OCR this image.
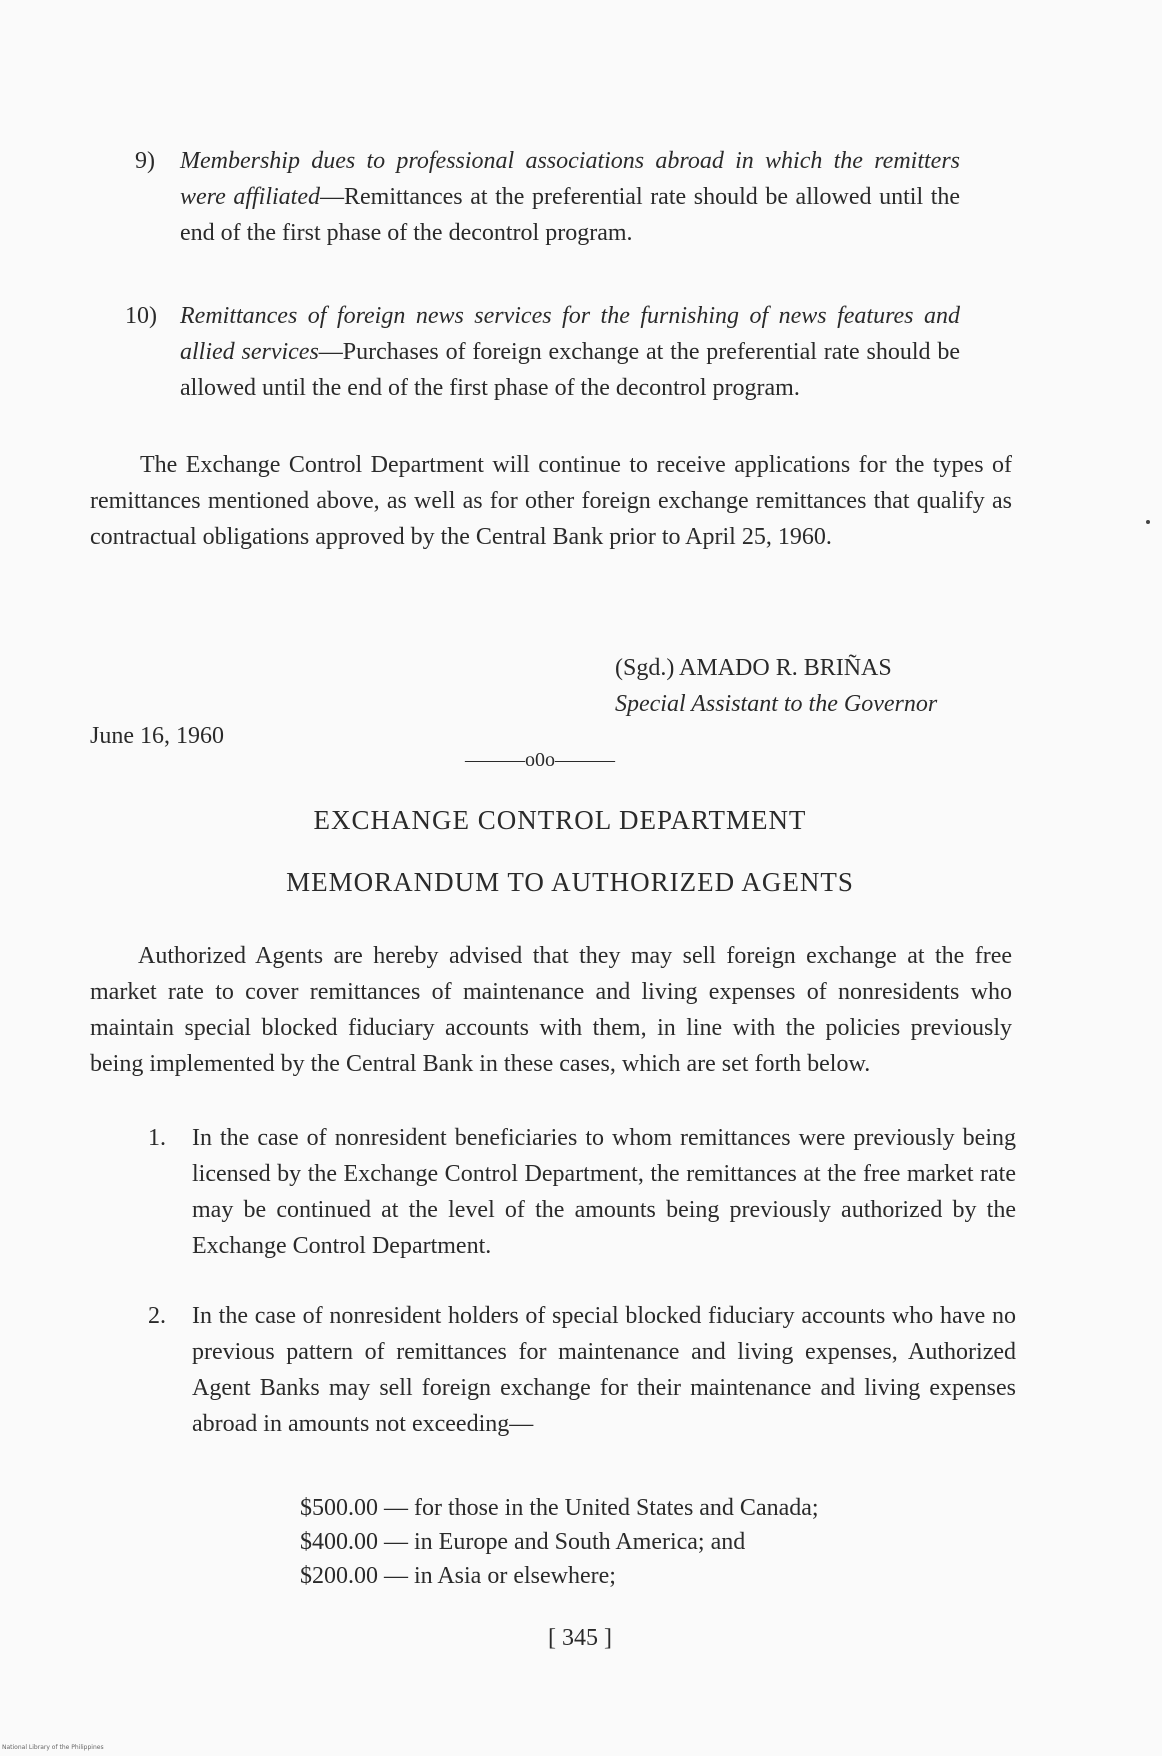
9) Membership dues to professional associations abroad in which the remitters were affiliated—Remittances at the preferential rate should be allowed until the end of the first phase of the decontrol program.
10) Remittances of foreign news services for the furnishing of news features and allied services—Purchases of foreign exchange at the preferential rate should be allowed until the end of the first phase of the decontrol program.
The Exchange Control Department will continue to receive applications for the types of remittances mentioned above, as well as for other foreign exchange remittances that qualify as contractual obligations approved by the Central Bank prior to April 25, 1960.
(Sgd.) AMADO R. BRIÑAS
Special Assistant to the Governor
June 16, 1960
———o0o———
EXCHANGE CONTROL DEPARTMENT
MEMORANDUM TO AUTHORIZED AGENTS
Authorized Agents are hereby advised that they may sell foreign exchange at the free market rate to cover remittances of maintenance and living expenses of nonresidents who maintain special blocked fiduciary accounts with them, in line with the policies previously being implemented by the Central Bank in these cases, which are set forth below.
1. In the case of nonresident beneficiaries to whom remittances were previously being licensed by the Exchange Control Department, the remittances at the free market rate may be continued at the level of the amounts being previously authorized by the Exchange Control Department.
2. In the case of nonresident holders of special blocked fiduciary accounts who have no previous pattern of remittances for maintenance and living expenses, Authorized Agent Banks may sell foreign exchange for their maintenance and living expenses abroad in amounts not exceeding—
$500.00 — for those in the United States and Canada;
$400.00 — in Europe and South America; and
$200.00 — in Asia or elsewhere;
[ 345 ]
National Library of the Philippines
